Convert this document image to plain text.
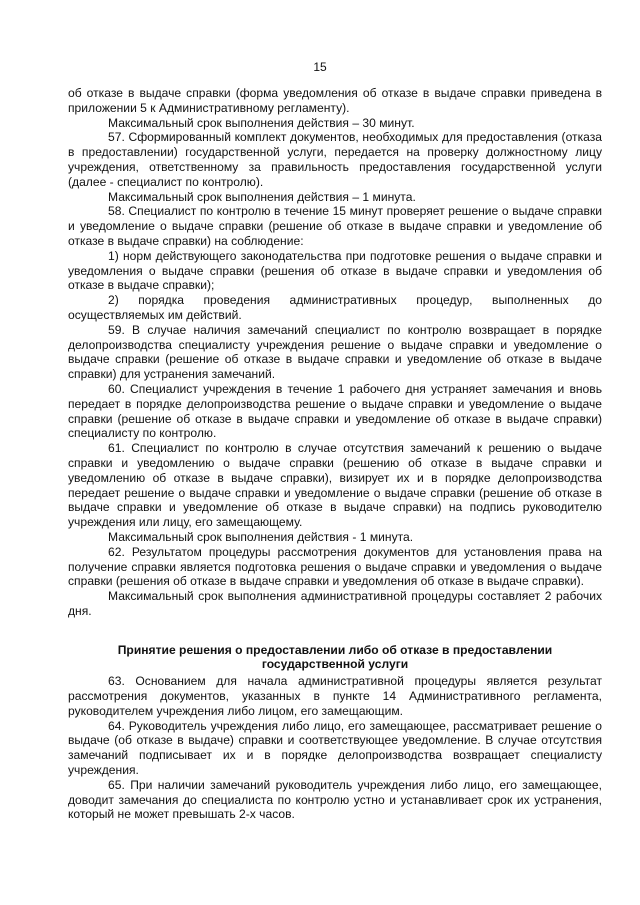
15

об отказе в выдаче справки (форма уведомления об отказе в выдаче справки приведена в приложении 5 к Административному регламенту).

Максимальный срок выполнения действия – 30 минут.

57. Сформированный комплект документов, необходимых для предоставления (отказа в предоставлении) государственной услуги, передается на проверку должностному лицу учреждения, ответственному за правильность предоставления государственной услуги (далее - специалист по контролю).

Максимальный срок выполнения действия – 1 минута.

58. Специалист по контролю в течение 15 минут проверяет решение о выдаче справки и уведомление о выдаче справки (решение об отказе в выдаче справки и уведомление об отказе в выдаче справки) на соблюдение:

1) норм действующего законодательства при подготовке решения о выдаче справки и уведомления о выдаче справки (решения об отказе в выдаче справки и уведомления об отказе в выдаче справки);

2) порядка проведения административных процедур, выполненных до осуществляемых им действий.

59. В случае наличия замечаний специалист по контролю возвращает в порядке делопроизводства специалисту учреждения решение о выдаче справки и уведомление о выдаче справки (решение об отказе в выдаче справки и уведомление об отказе в выдаче справки) для устранения замечаний.

60. Специалист учреждения в течение 1 рабочего дня устраняет замечания и вновь передает в порядке делопроизводства решение о выдаче справки и уведомление о выдаче справки (решение об отказе в выдаче справки и уведомление об отказе в выдаче справки) специалисту по контролю.

61. Специалист по контролю в случае отсутствия замечаний к решению о выдаче справки и уведомлению о выдаче справки (решению об отказе в выдаче справки и уведомлению об отказе в выдаче справки), визирует их и в порядке делопроизводства передает решение о выдаче справки и уведомление о выдаче справки (решение об отказе в выдаче справки и уведомление об отказе в выдаче справки) на подпись руководителю учреждения или лицу, его замещающему.

Максимальный срок выполнения действия - 1 минута.

62. Результатом процедуры рассмотрения документов для установления права на получение справки является подготовка решения о выдаче справки и уведомления о выдаче справки (решения об отказе в выдаче справки и уведомления об отказе в выдаче справки).

Максимальный срок выполнения административной процедуры составляет 2 рабочих дня.

Принятие решения о предоставлении либо об отказе в предоставлении
государственной услуги

63. Основанием для начала административной процедуры является результат рассмотрения документов, указанных в пункте 14 Административного регламента, руководителем учреждения либо лицом, его замещающим.

64. Руководитель учреждения либо лицо, его замещающее, рассматривает решение о выдаче (об отказе в выдаче) справки и соответствующее уведомление. В случае отсутствия замечаний подписывает их и в порядке делопроизводства возвращает специалисту учреждения.

65. При наличии замечаний руководитель учреждения либо лицо, его замещающее, доводит замечания до специалиста по контролю устно и устанавливает срок их устранения, который не может превышать 2-х часов.
